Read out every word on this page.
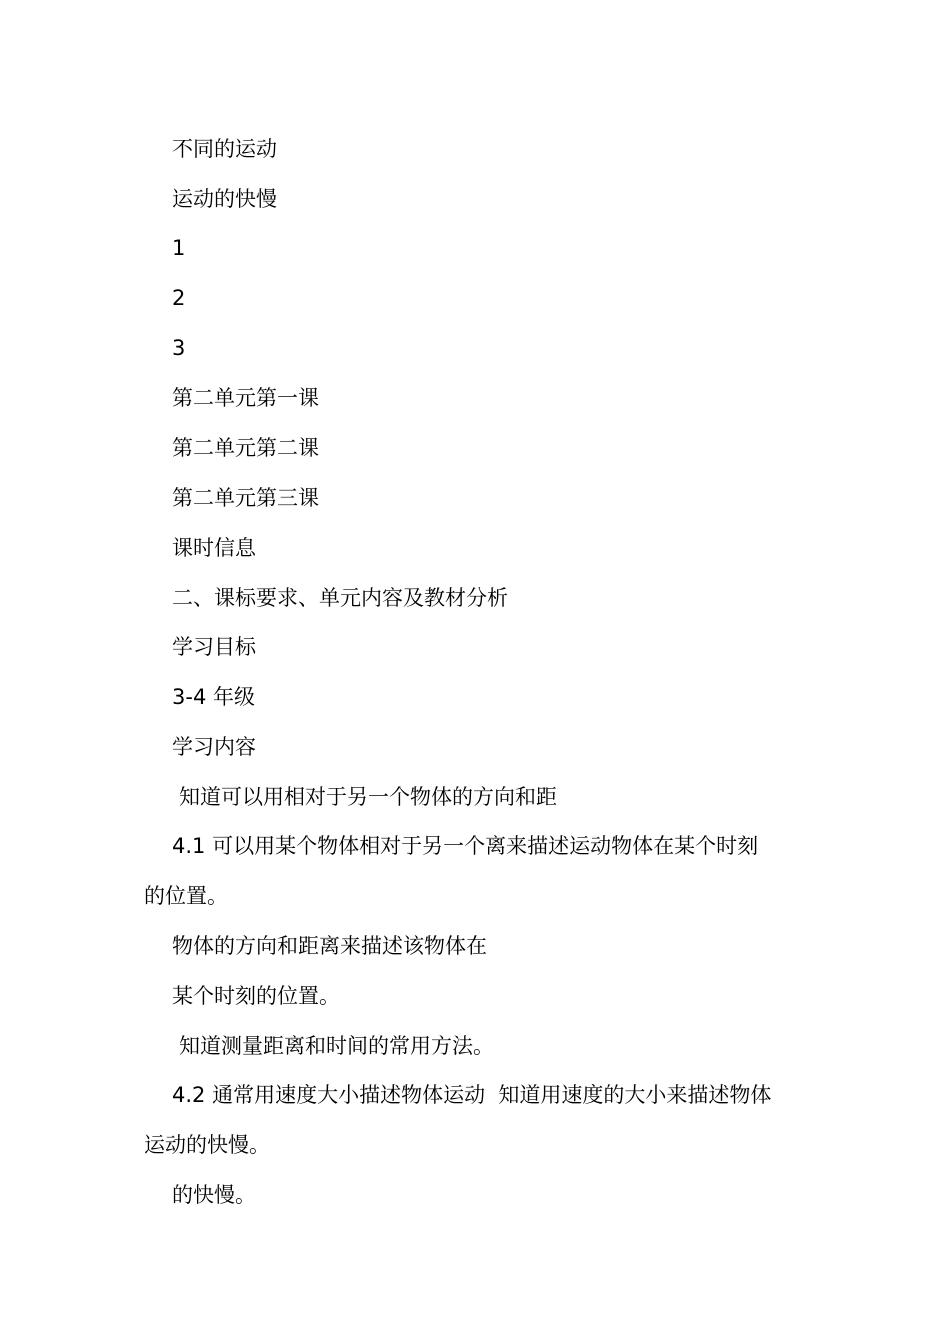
不同的运动
运动的快慢
1
2
3
第二单元第一课
第二单元第二课
第二单元第三课
课时信息
二、课标要求、单元内容及教材分析
学习目标
3-4 年级
学习内容
知道可以用相对于另一个物体的方向和距
4.1 可以用某个物体相对于另一个离来描述运动物体在某个时刻
的位置。
物体的方向和距离来描述该物体在
某个时刻的位置。
知道测量距离和时间的常用方法。
4.2 通常用速度大小描述物体运动  知道用速度的大小来描述物体
运动的快慢。
的快慢。
